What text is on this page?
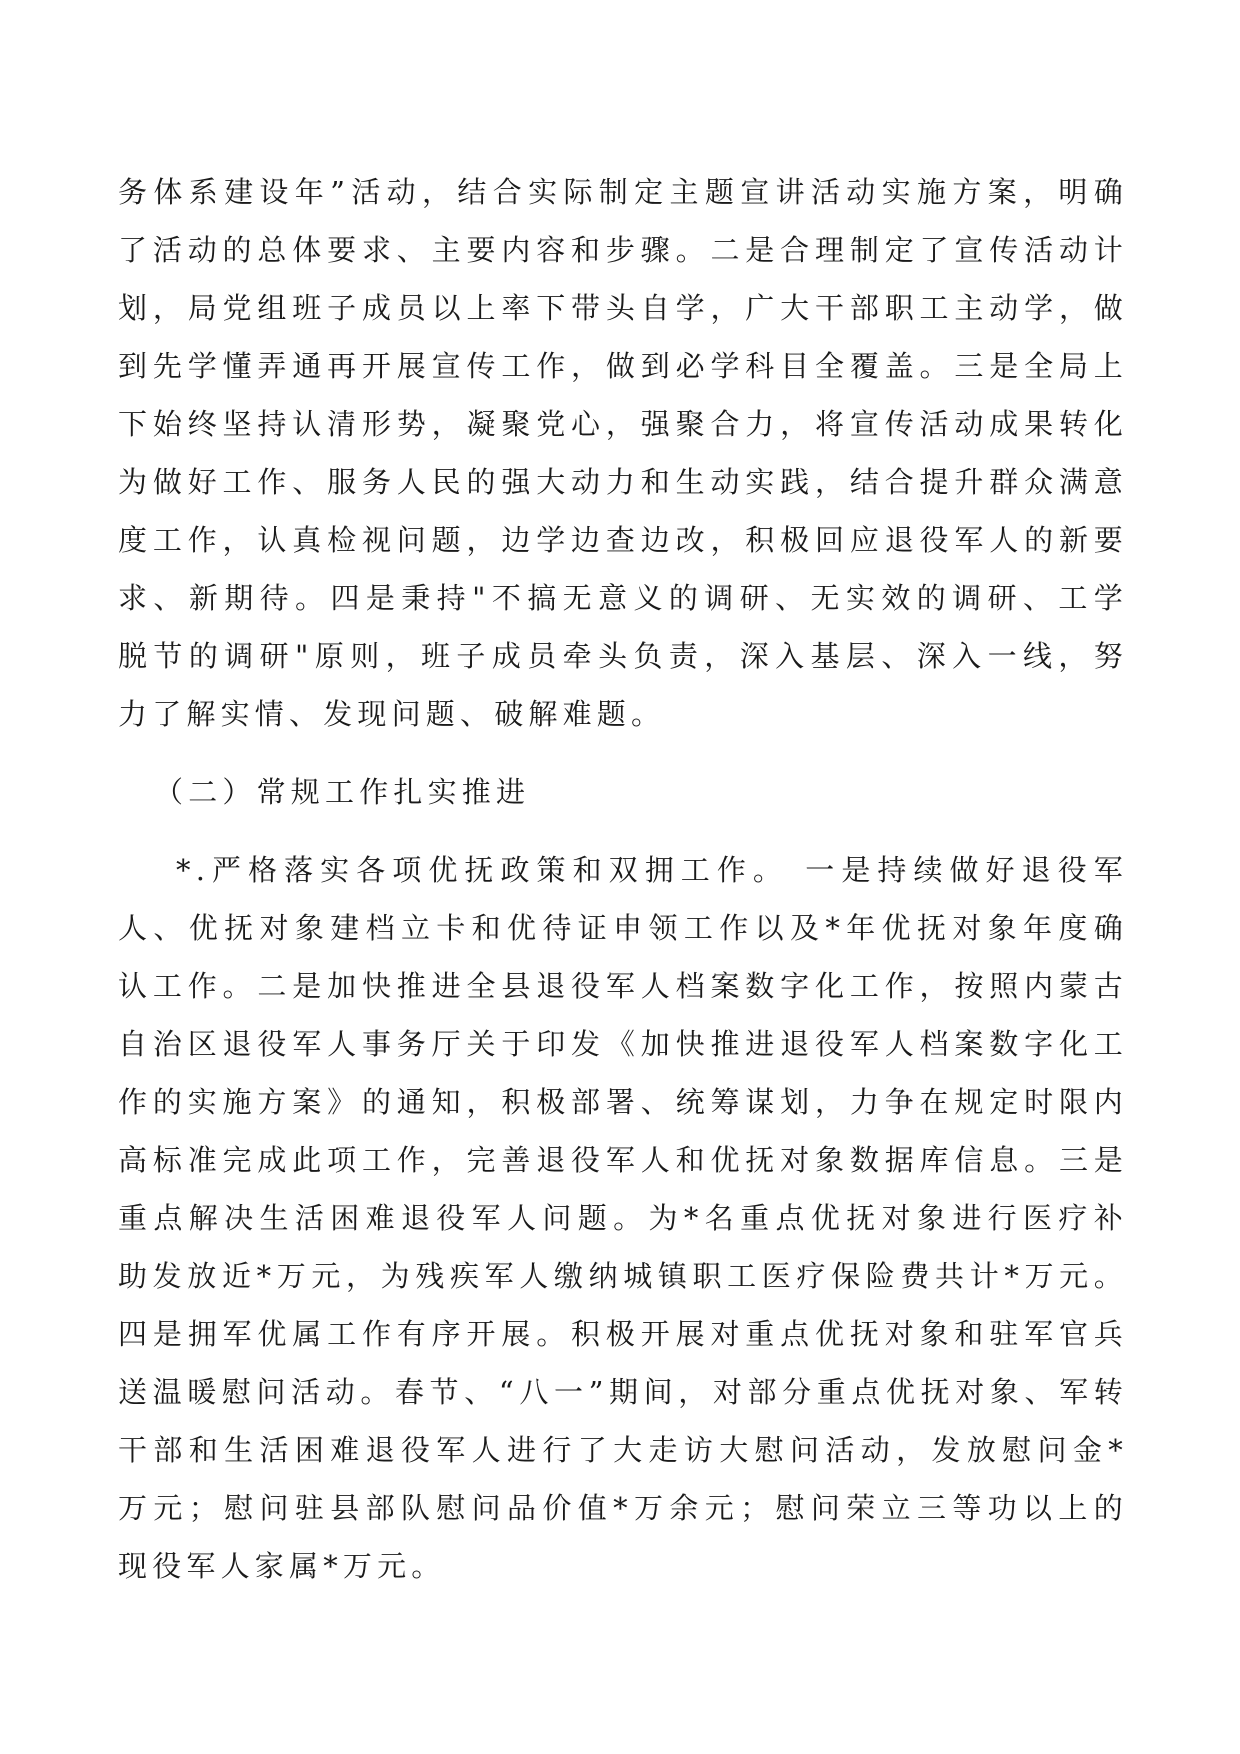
务体系建设年”活动，结合实际制定主题宣讲活动实施方案，明确了活动的总体要求、主要内容和步骤。二是合理制定了宣传活动计划，局党组班子成员以上率下带头自学，广大干部职工主动学，做到先学懂弄通再开展宣传工作，做到必学科目全覆盖。三是全局上下始终坚持认清形势，凝聚党心，强聚合力，将宣传活动成果转化为做好工作、服务人民的强大动力和生动实践，结合提升群众满意度工作，认真检视问题，边学边查边改，积极回应退役军人的新要求、新期待。四是秉持"不搞无意义的调研、无实效的调研、工学脱节的调研"原则，班子成员牵头负责，深入基层、深入一线，努力了解实情、发现问题、破解难题。

（二）常规工作扎实推进

*.严格落实各项优抚政策和双拥工作。 一是持续做好退役军人、优抚对象建档立卡和优待证申领工作以及*年优抚对象年度确认工作。二是加快推进全县退役军人档案数字化工作，按照内蒙古自治区退役军人事务厅关于印发《加快推进退役军人档案数字化工作的实施方案》的通知，积极部署、统筹谋划，力争在规定时限内高标准完成此项工作，完善退役军人和优抚对象数据库信息。三是重点解决生活困难退役军人问题。为*名重点优抚对象进行医疗补助发放近*万元，为残疾军人缴纳城镇职工医疗保险费共计*万元。四是拥军优属工作有序开展。积极开展对重点优抚对象和驻军官兵送温暖慰问活动。春节、“八一”期间，对部分重点优抚对象、军转干部和生活困难退役军人进行了大走访大慰问活动，发放慰问金*万元；慰问驻县部队慰问品价值*万余元；慰问荣立三等功以上的现役军人家属*万元。
